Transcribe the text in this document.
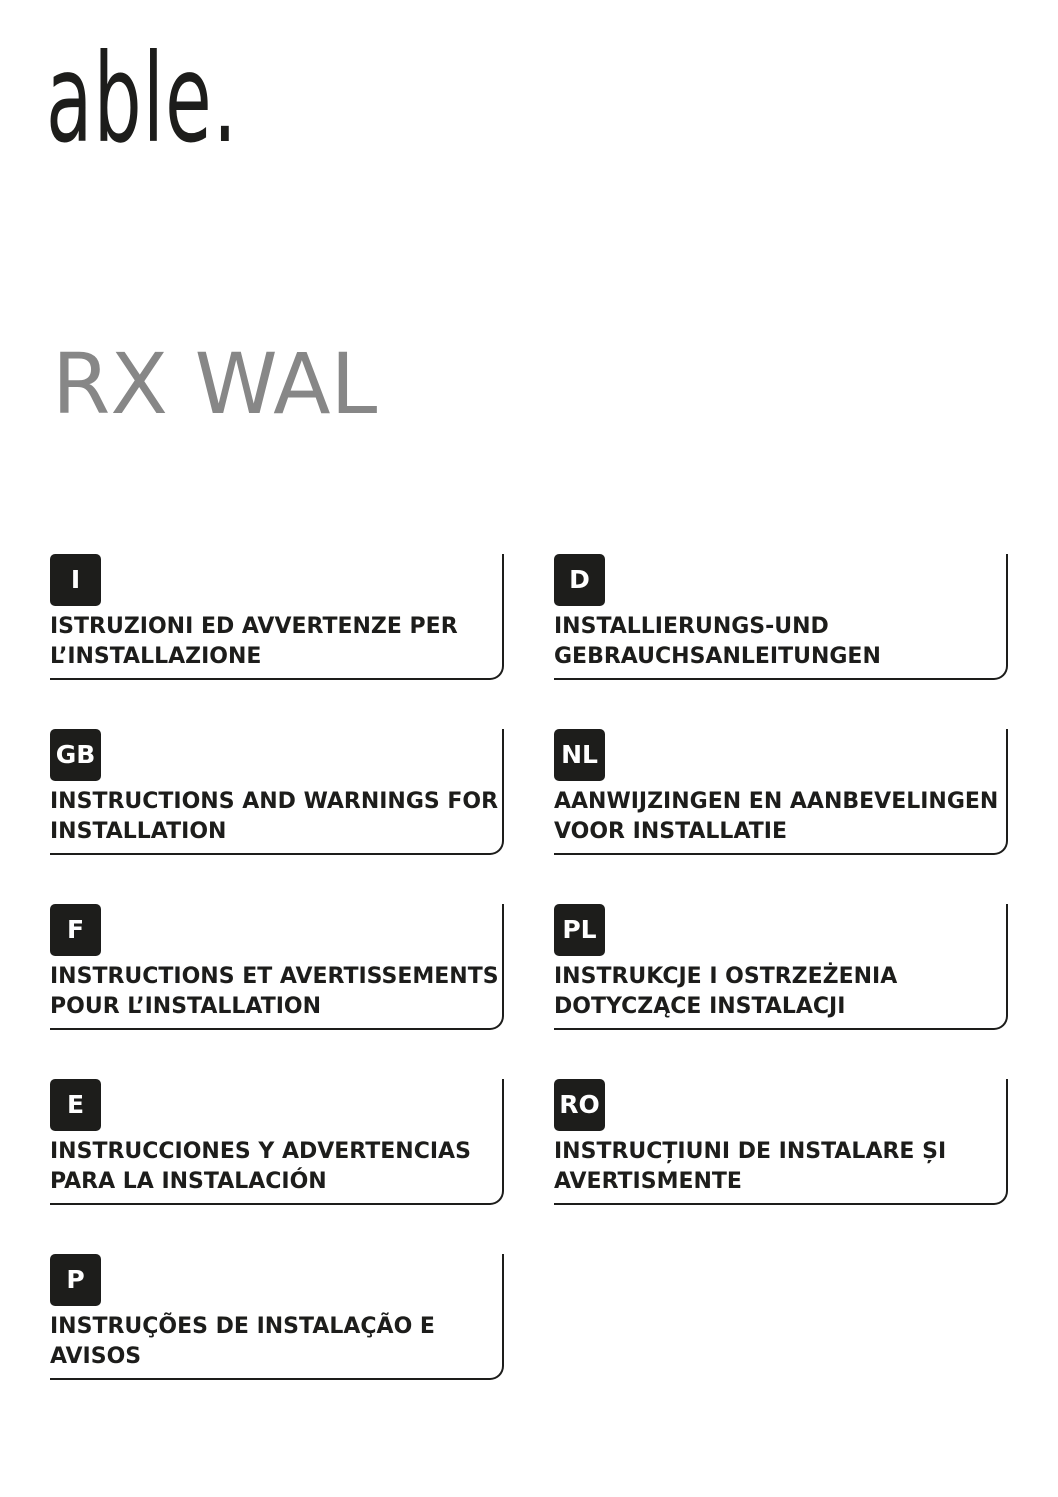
able.
RX WAL
I
ISTRUZIONI ED AVVERTENZE PER
L’INSTALLAZIONE
D
INSTALLIERUNGS-UND
GEBRAUCHSANLEITUNGEN
GB
INSTRUCTIONS AND WARNINGS FOR
INSTALLATION
NL
AANWIJZINGEN EN AANBEVELINGEN
VOOR INSTALLATIE
F
INSTRUCTIONS ET AVERTISSEMENTS
POUR L’INSTALLATION
PL
INSTRUKCJE I OSTRZEŻENIA
DOTYCZĄCE INSTALACJI
E
INSTRUCCIONES Y ADVERTENCIAS
PARA LA INSTALACIÓN
RO
INSTRUCȚIUNI DE INSTALARE ȘI
AVERTISMENTE
P
INSTRUÇÕES DE INSTALAÇÃO E
AVISOS
